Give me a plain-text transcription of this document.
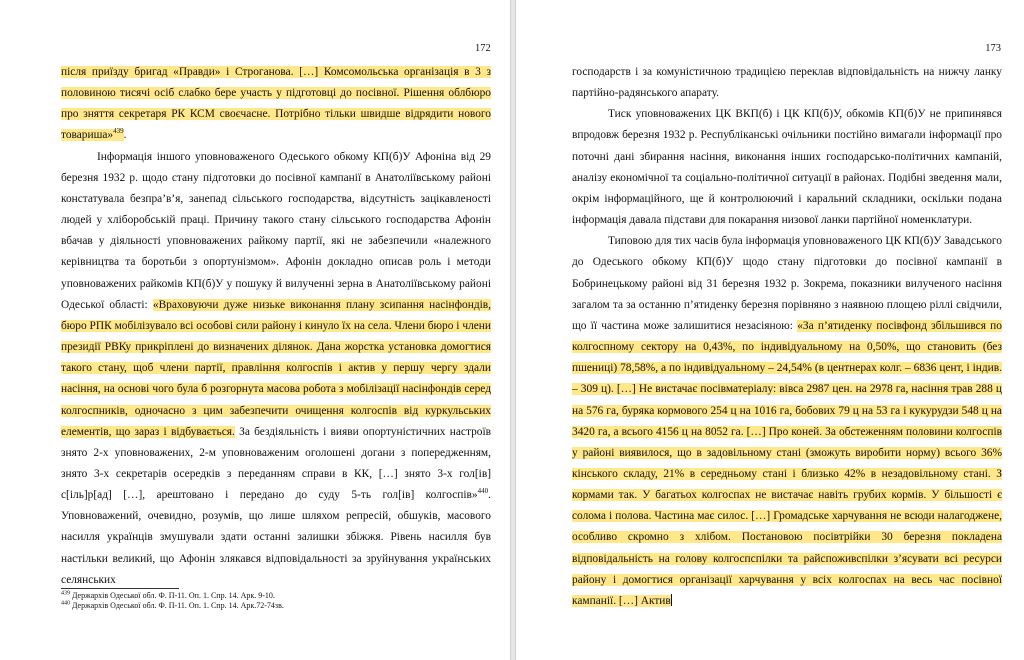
172

після приїзду бригад «Правди» і Строганова. […] Комсомольська організація в 3 з половиною тисячі осіб слабко бере участь у підготовці до посівної. Рішення облбюро про зняття секретаря РК КСМ своєчасне. Потрібно тільки швидше відрядити нового товариша»$^{439}$.

Інформація іншого уповноваженого Одеського обкому КП(б)У Афоніна від 29 березня 1932 р. щодо стану підготовки до посівної кампанії в Анатоліївському районі констатувала безпра’в’я, занепад сільського господарства, відсутність зацікавленості людей у хліборобській праці. Причину такого стану сільського господарства Афонін вбачав у діяльності уповноважених райкому партії, які не забезпечили «належного керівництва та боротьби з опортунізмом». Афонін докладно описав роль і методи уповноважених райкомів КП(б)У у пошуку й вилученні зерна в Анатоліївському районі Одеської області: «Враховуючи дуже низьке виконання плану зсипання насінфондів, бюро РПК мобілізувало всі особові сили району і кинуло їх на села. Члени бюро і члени президії РВКу прикріплені до визначених ділянок. Дана жорстка установка домогтися такого стану, щоб члени партії, правління колгоспів і актив у першу чергу здали насіння, на основі чого була б розгорнута масова робота з мобілізації насінфондів серед колгоспників, одночасно з цим забезпечити очищення колгоспів від куркульських елементів, що зараз і відбувається. За бездіяльність і вияви опортуністичних настроїв знято 2-х уповноважених, 2-м уповноваженим оголошені догани з попередженням, знято 3-х секретарів осередків з переданням справи в КК, […] знято 3-х гол[ів] с[іль]р[ад] […], арештовано і передано до суду 5-ть гол[ів] колгоспів»$^{440}$. Уповноважений, очевидно, розумів, що лише шляхом репресій, обшуків, масового насилля українців змушували здати останні залишки збіжжя. Рівень насилля був настільки великий, що Афонін злякався відповідальності за зруйнування українських селянських

$^{439}$ Держархів Одеської обл. Ф. П-11. Оп. 1. Спр. 14. Арк. 9-10.

$^{440}$ Держархів Одеської обл. Ф. П-11. Оп. 1. Спр. 14. Арк.72-74зв.

173

господарств і за комуністичною традицією переклав відповідальність на нижчу ланку партійно-радянського апарату.

Тиск уповноважених ЦК ВКП(б) і ЦК КП(б)У, обкомів КП(б)У не припинявся впродовж березня 1932 р. Республіканські очільники постійно вимагали інформації про поточні дані збирання насіння, виконання інших господарсько-політичних кампаній, аналізу економічної та соціально-політичної ситуації в районах. Подібні зведення мали, окрім інформаційного, ще й контролюючий і каральний складники, оскільки подана інформація давала підстави для покарання низової ланки партійної номенклатури.

Типовою для тих часів була інформація уповноваженого ЦК КП(б)У Завадського до Одеського обкому КП(б)У щодо стану підготовки до посівної кампанії в Бобринецькому районі від 31 березня 1932 р. Зокрема, показники вилученого насіння загалом та за останню п’ятиденку березня порівняно з наявною площею ріллі свідчили, що її частина може залишитися незасіяною: «За п’ятиденку посівфонд збільшився по колгоспному сектору на 0,43%, по індивідуальному на 0,50%, що становить (без пшениці) 78,58%, а по індивідуальному – 24,54% (в центнерах колг. – 6836 цент, і індив. – 309 ц). […] Не вистачає посівматеріалу: вівса 2987 цен. на 2978 га, насіння трав 288 ц на 576 га, буряка кормового 254 ц на 1016 га, бобових 79 ц на 53 га і кукурудзи 548 ц на 3420 га, а всього 4156 ц на 8052 га. […] Про коней. За обстеженням половини колгоспів у районі виявилося, що в задовільному стані (зможуть виробити норму) всього 36% кінського складу, 21% в середньому стані і близько 42% в незадовільному стані. З кормами так. У багатьох колгоспах не вистачає навіть грубих кормів. У більшості є солома і полова. Частина має силос. […] Громадське харчування не всюди налагоджене, особливо скромно з хлібом. Постановою посівтрійки 30 березня покладена відповідальність на голову колгоспспілки та райспоживспілки з’ясувати всі ресурси району і домогтися організації харчування у всіх колгоспах на весь час посівної кампанії. […] Актив
